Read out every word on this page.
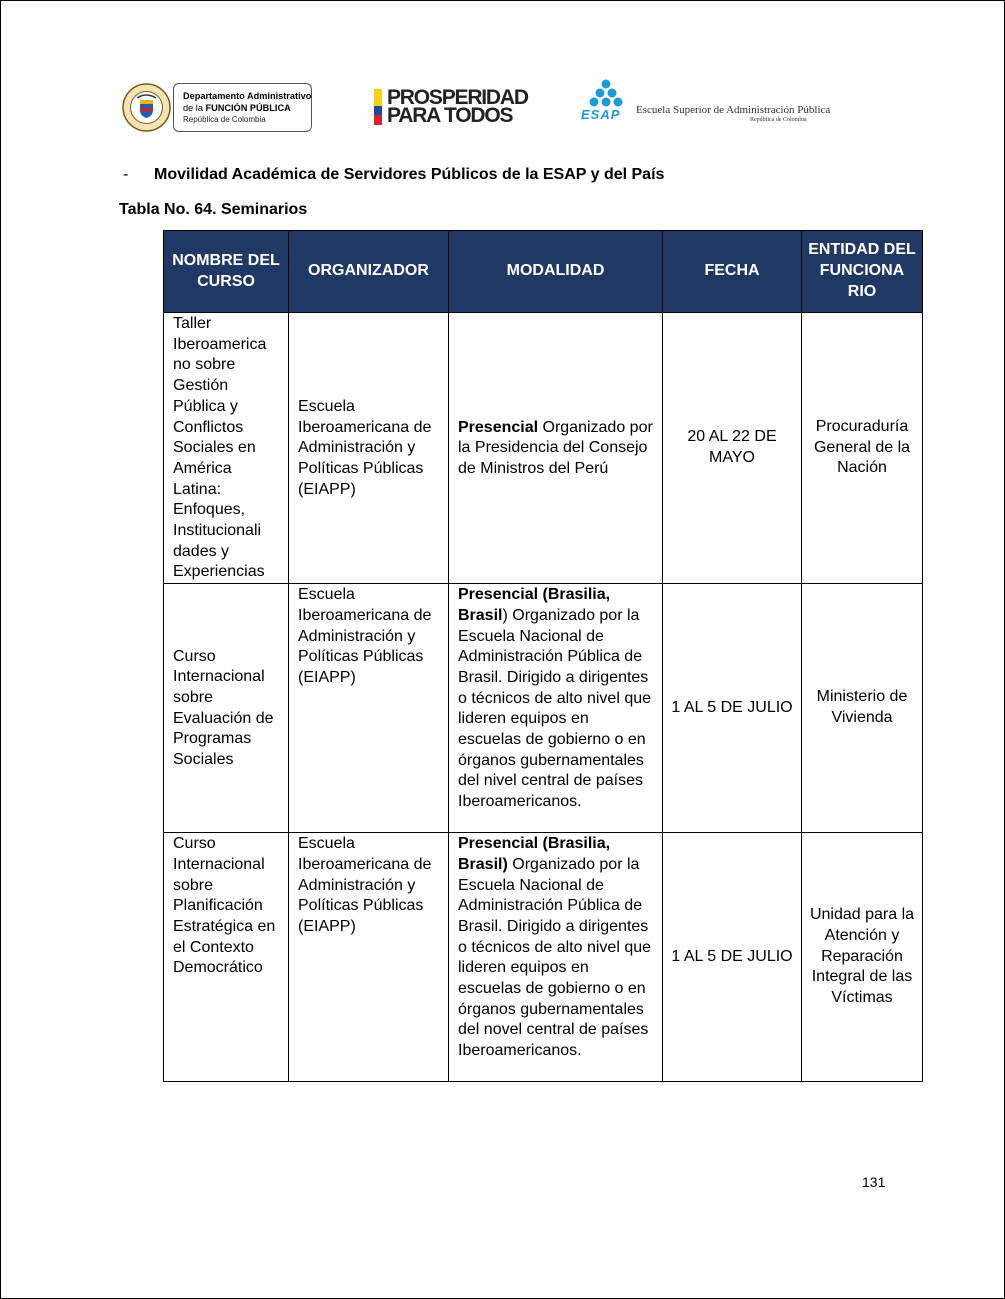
Departamento Administrativo
de la FUNCIÓN PÚBLICA
República de Colombia
PROSPERIDAD
PARA TODOS	ESAP Escuela Superior de Administración Pública
República de Colombia
- Movilidad Académica de Servidores Públicos de la ESAP y del País
Tabla No. 64. Seminarios
NOMBRE DEL CURSO	ORGANIZADOR	MODALIDAD	FECHA	ENTIDAD DEL FUNCIONA RIO
Taller Iberoamerica no sobre Gestión Pública y Conflictos Sociales en América Latina: Enfoques, Institucionali dades y Experiencias	Escuela Iberoamericana de Administración y Políticas Públicas (EIAPP)	Presencial Organizado por la Presidencia del Consejo de Ministros del Perú	20 AL 22 DE MAYO	Procuraduría General de la Nación
Curso Internacional sobre Evaluación de Programas Sociales	Escuela Iberoamericana de Administración y Políticas Públicas (EIAPP)	Presencial (Brasilia, Brasil) Organizado por la Escuela Nacional de Administración Pública de Brasil. Dirigido a dirigentes o técnicos de alto nivel que lideren equipos en escuelas de gobierno o en órganos gubernamentales del nivel central de países Iberoamericanos.	1 AL 5 DE JULIO	Ministerio de Vivienda
Curso Internacional sobre Planificación Estratégica en el Contexto Democrático	Escuela Iberoamericana de Administración y Políticas Públicas (EIAPP)	Presencial (Brasilia, Brasil) Organizado por la Escuela Nacional de Administración Pública de Brasil. Dirigido a dirigentes o técnicos de alto nivel que lideren equipos en escuelas de gobierno o en órganos gubernamentales del novel central de países Iberoamericanos.	1 AL 5 DE JULIO	Unidad para la Atención y Reparación Integral de las Víctimas
131
